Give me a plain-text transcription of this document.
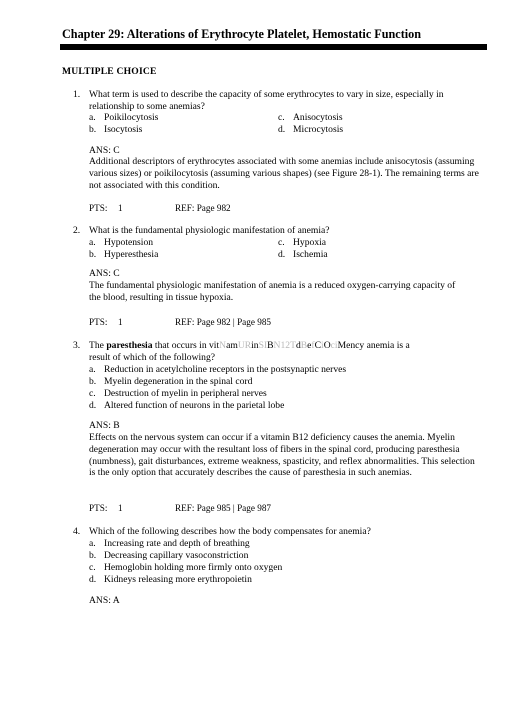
Chapter 29: Alterations of Erythrocyte Platelet, Hemostatic Function
MULTIPLE CHOICE
1. What term is used to describe the capacity of some erythrocytes to vary in size, especially in relationship to some anemias?
a. Poikilocytosis	c. Anisocytosis
b. Isocytosis	d. Microcytosis
ANS: C
Additional descriptors of erythrocytes associated with some anemias include anisocytosis (assuming various sizes) or poikilocytosis (assuming various shapes) (see Figure 28-1). The remaining terms are not associated with this condition.
PTS: 1	REF: Page 982
2. What is the fundamental physiologic manifestation of anemia?
a. Hypotension	c. Hypoxia
b. Hyperesthesia	d. Ischemia
ANS: C
The fundamental physiologic manifestation of anemia is a reduced oxygen-carrying capacity of the blood, resulting in tissue hypoxia.
PTS: 1	REF: Page 982 | Page 985
3. The paresthesia that occurs in vitNamURinSIBN12TdBefCiOciMency anemia is a
result of which of the following?
a. Reduction in acetylcholine receptors in the postsynaptic nerves
b. Myelin degeneration in the spinal cord
c. Destruction of myelin in peripheral nerves
d. Altered function of neurons in the parietal lobe
ANS: B
Effects on the nervous system can occur if a vitamin B12 deficiency causes the anemia. Myelin degeneration may occur with the resultant loss of fibers in the spinal cord, producing paresthesia (numbness), gait disturbances, extreme weakness, spasticity, and reflex abnormalities. This selection is the only option that accurately describes the cause of paresthesia in such anemias.
PTS: 1	REF: Page 985 | Page 987
4. Which of the following describes how the body compensates for anemia?
a. Increasing rate and depth of breathing
b. Decreasing capillary vasoconstriction
c. Hemoglobin holding more firmly onto oxygen
d. Kidneys releasing more erythropoietin
ANS: A
